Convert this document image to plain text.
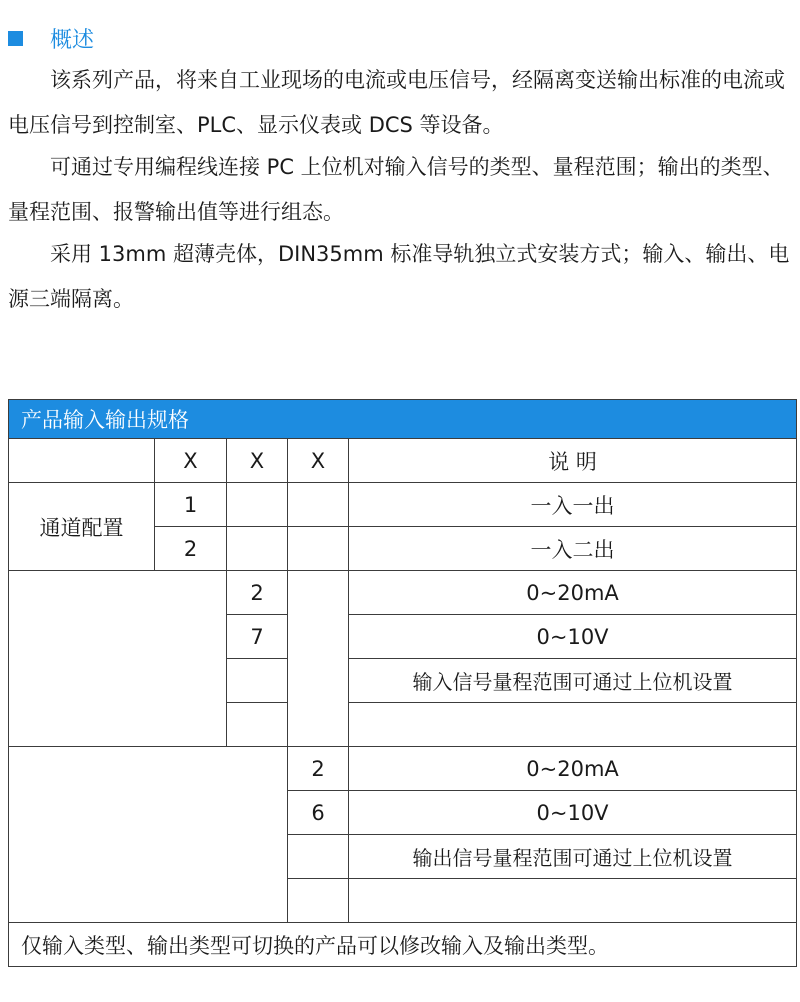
概述

该系列产品，将来自工业现场的电流或电压信号，经隔离变送输出标准的电流或电压信号到控制室、PLC、显示仪表或 DCS 等设备。

可通过专用编程线连接 PC 上位机对输入信号的类型、量程范围；输出的类型、量程范围、报警输出值等进行组态。

采用 13mm 超薄壳体，DIN35mm 标准导轨独立式安装方式；输入、输出、电源三端隔离。

产品输入输出规格				
	X	X	X	说 明
通道配置	1			一入一出
	2			一入二出
		2		0~20mA
		7		0~10V
				输入信号量程范围可通过上位机设置

			2	0~20mA
			6	0~10V
				输出信号量程范围可通过上位机设置

仅输入类型、输出类型可切换的产品可以修改输入及输出类型。				
